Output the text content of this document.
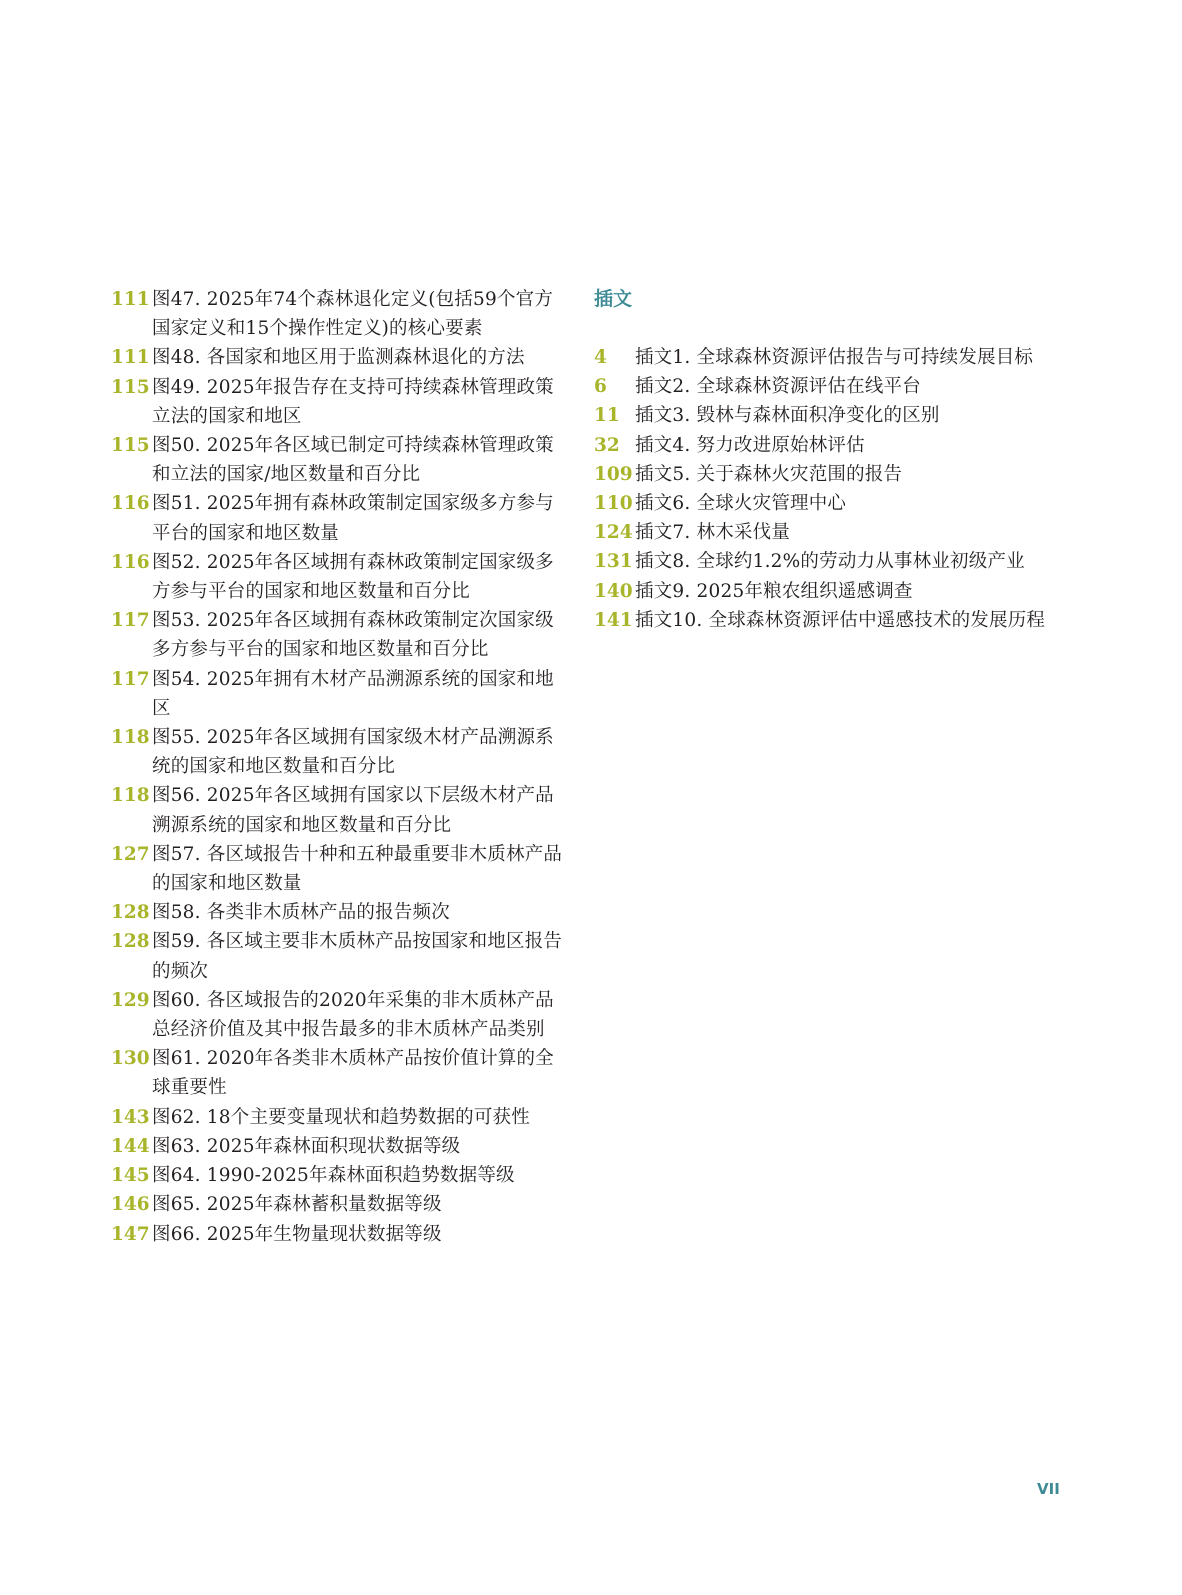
111 图47. 2025年74个森林退化定义(包括59个官方国家定义和15个操作性定义)的核心要素
111 图48. 各国家和地区用于监测森林退化的方法
115 图49. 2025年报告存在支持可持续森林管理政策立法的国家和地区
115 图50. 2025年各区域已制定可持续森林管理政策和立法的国家/地区数量和百分比
116 图51. 2025年拥有森林政策制定国家级多方参与平台的国家和地区数量
116 图52. 2025年各区域拥有森林政策制定国家级多方参与平台的国家和地区数量和百分比
117 图53. 2025年各区域拥有森林政策制定次国家级多方参与平台的国家和地区数量和百分比
117 图54. 2025年拥有木材产品溯源系统的国家和地区
118 图55. 2025年各区域拥有国家级木材产品溯源系统的国家和地区数量和百分比
118 图56. 2025年各区域拥有国家以下层级木材产品溯源系统的国家和地区数量和百分比
127 图57. 各区域报告十种和五种最重要非木质林产品的国家和地区数量
128 图58. 各类非木质林产品的报告频次
128 图59. 各区域主要非木质林产品按国家和地区报告的频次
129 图60. 各区域报告的2020年采集的非木质林产品总经济价值及其中报告最多的非木质林产品类别
130 图61. 2020年各类非木质林产品按价值计算的全球重要性
143 图62. 18个主要变量现状和趋势数据的可获性
144 图63. 2025年森林面积现状数据等级
145 图64. 1990-2025年森林面积趋势数据等级
146 图65. 2025年森林蓄积量数据等级
147 图66. 2025年生物量现状数据等级
插文
4	插文1. 全球森林资源评估报告与可持续发展目标
6	插文2. 全球森林资源评估在线平台
11 插文3. 毁林与森林面积净变化的区别
32 插文4. 努力改进原始林评估
109 插文5. 关于森林火灾范围的报告
110 插文6. 全球火灾管理中心
124 插文7. 林木采伐量
131 插文8. 全球约1.2%的劳动力从事林业初级产业
140 插文9. 2025年粮农组织遥感调查
141 插文10. 全球森林资源评估中遥感技术的发展历程
VII
